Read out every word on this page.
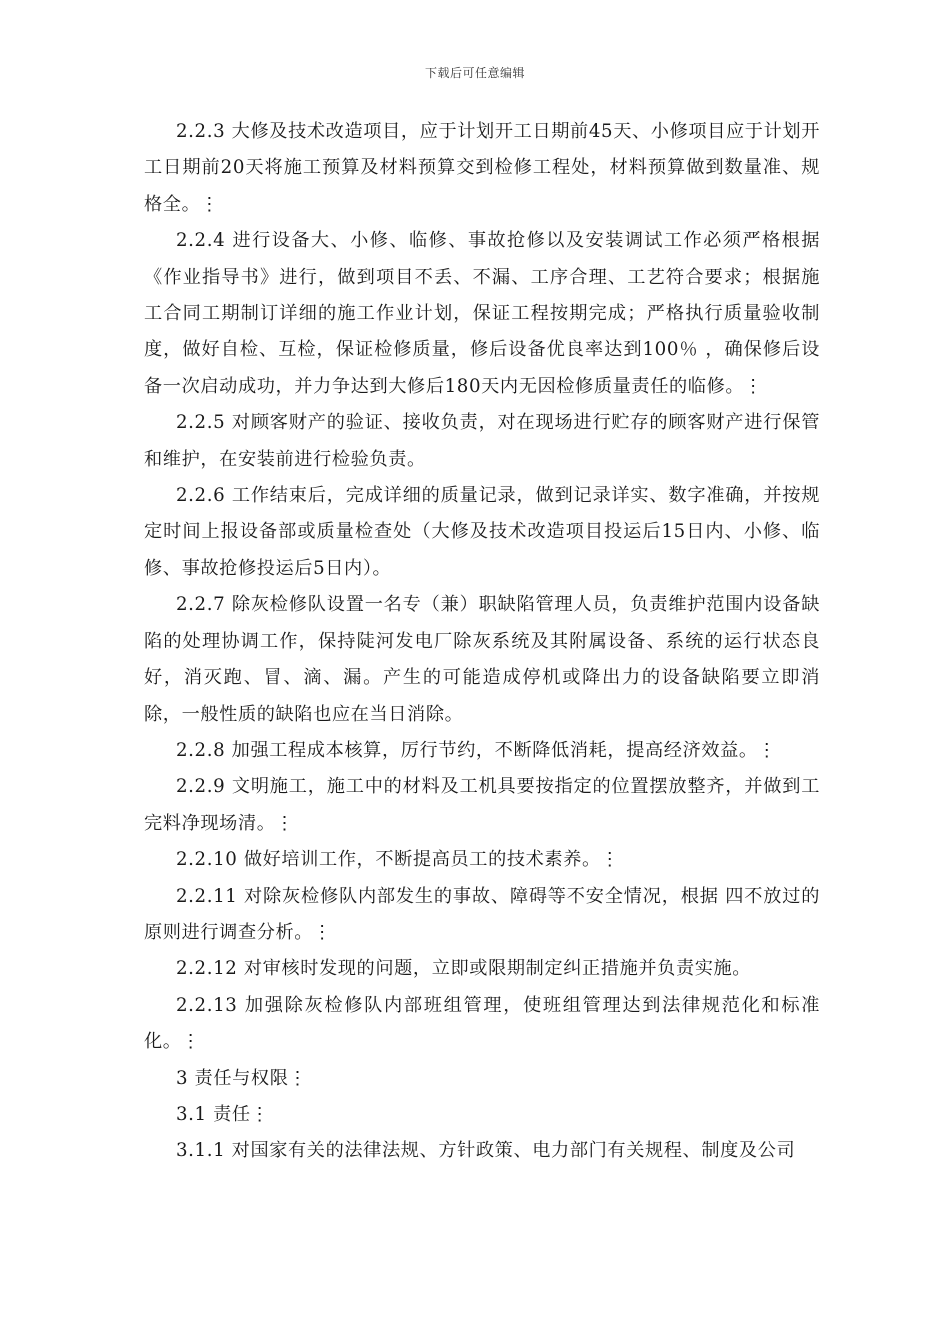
下载后可任意编辑

2.2.3 大修及技术改造项目，应于计划开工日期前45天、小修项目应于计划开工日期前20天将施工预算及材料预算交到检修工程处，材料预算做到数量准、规格全。⋮

2.2.4 进行设备大、小修、临修、事故抢修以及安装调试工作必须严格根据《作业指导书》进行，做到项目不丢、不漏、工序合理、工艺符合要求；根据施工合同工期制订详细的施工作业计划，保证工程按期完成；严格执行质量验收制度，做好自检、互检，保证检修质量，修后设备优良率达到100％ ，确保修后设备一次启动成功，并力争达到大修后180天内无因检修质量责任的临修。⋮

2.2.5 对顾客财产的验证、接收负责，对在现场进行贮存的顾客财产进行保管和维护，在安装前进行检验负责。

2.2.6 工作结束后，完成详细的质量记录，做到记录详实、数字准确，并按规定时间上报设备部或质量检查处（大修及技术改造项目投运后15日内、小修、临修、事故抢修投运后5日内）。

2.2.7 除灰检修队设置一名专（兼）职缺陷管理人员，负责维护范围内设备缺陷的处理协调工作，保持陡河发电厂除灰系统及其附属设备、系统的运行状态良好，消灭跑、冒、滴、漏。产生的可能造成停机或降出力的设备缺陷要立即消除，一般性质的缺陷也应在当日消除。

2.2.8 加强工程成本核算，厉行节约，不断降低消耗，提高经济效益。⋮

2.2.9 文明施工，施工中的材料及工机具要按指定的位置摆放整齐，并做到工完料净现场清。⋮

2.2.10 做好培训工作，不断提高员工的技术素养。⋮

2.2.11 对除灰检修队内部发生的事故、障碍等不安全情况，根据 四不放过的原则进行调查分析。⋮

2.2.12 对审核时发现的问题，立即或限期制定纠正措施并负责实施。

2.2.13 加强除灰检修队内部班组管理，使班组管理达到法律规范化和标准化。⋮

3 责任与权限⋮

3.1 责任⋮

3.1.1 对国家有关的法律法规、方针政策、电力部门有关规程、制度及公司
